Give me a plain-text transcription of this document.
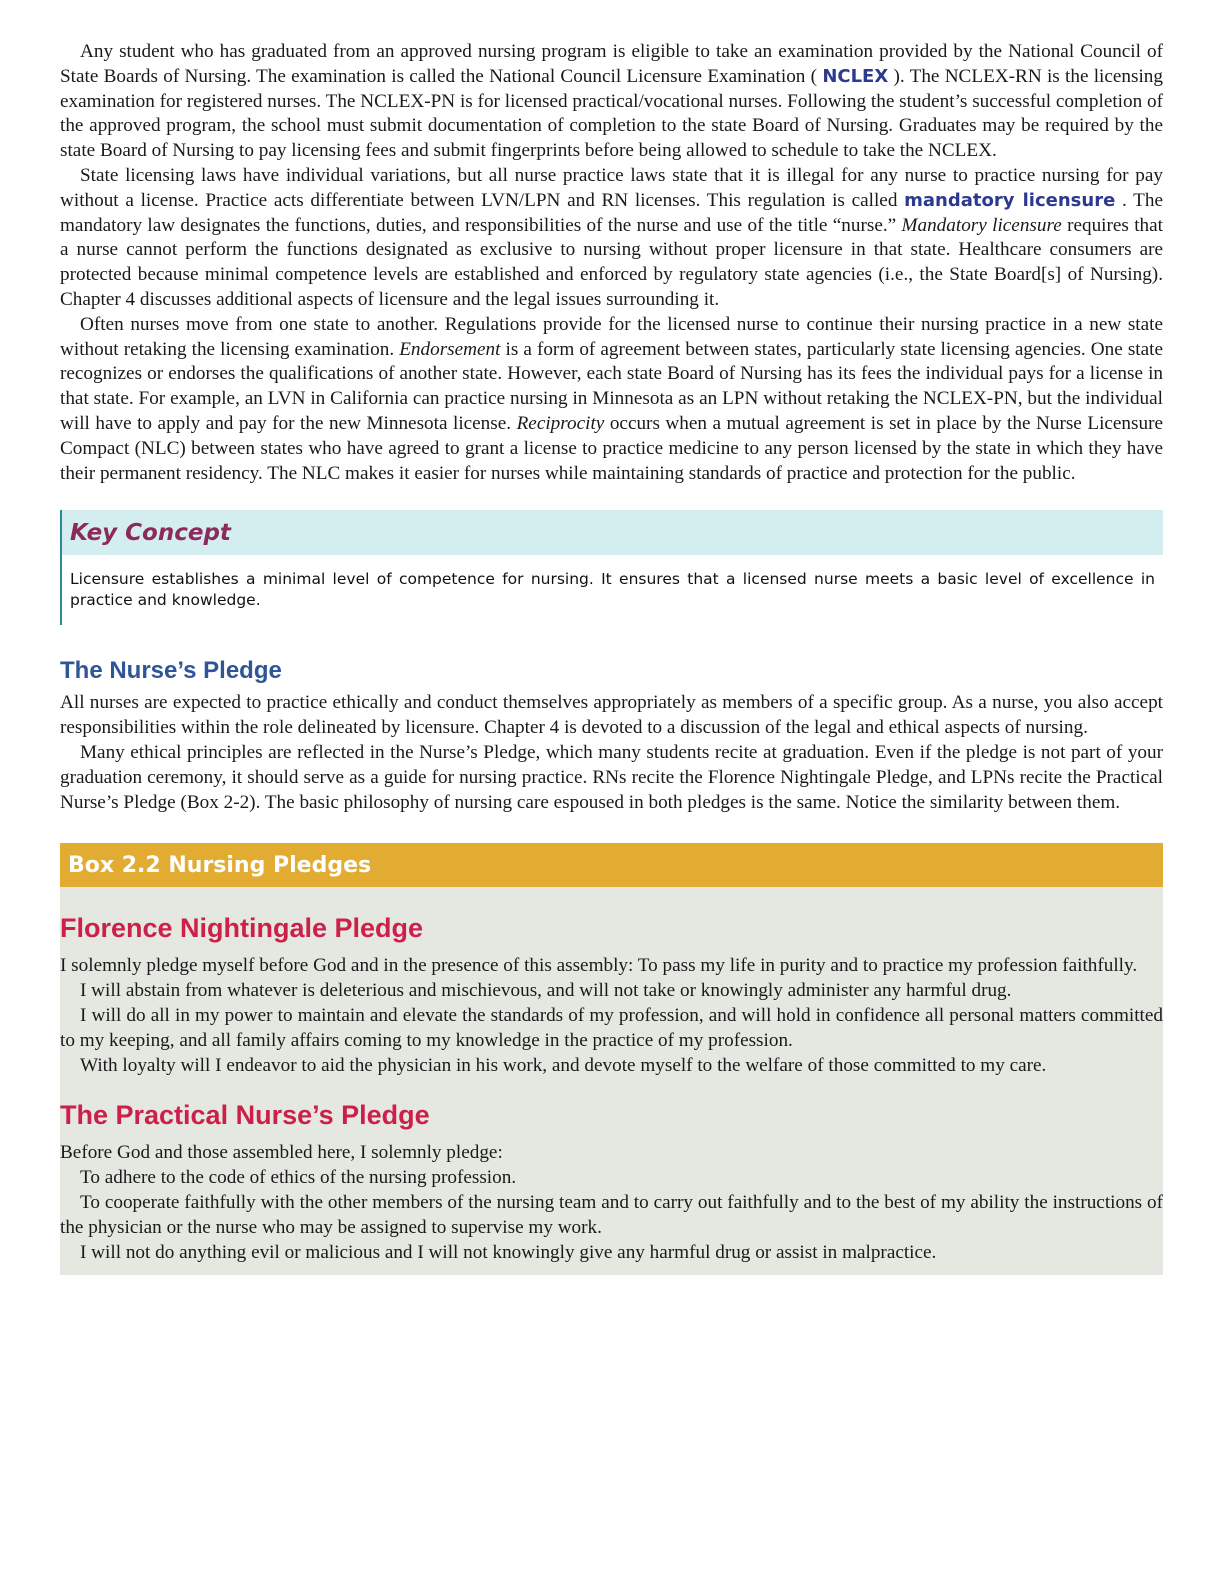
Any student who has graduated from an approved nursing program is eligible to take an examination provided by the National Council of State Boards of Nursing. The examination is called the National Council Licensure Examination ( NCLEX ). The NCLEX-RN is the licensing examination for registered nurses. The NCLEX-PN is for licensed practical/vocational nurses. Following the student’s successful completion of the approved program, the school must submit documentation of completion to the state Board of Nursing. Graduates may be required by the state Board of Nursing to pay licensing fees and submit fingerprints before being allowed to schedule to take the NCLEX.

State licensing laws have individual variations, but all nurse practice laws state that it is illegal for any nurse to practice nursing for pay without a license. Practice acts differentiate between LVN/LPN and RN licenses. This regulation is called mandatory licensure . The mandatory law designates the functions, duties, and responsibilities of the nurse and use of the title “nurse.” Mandatory licensure requires that a nurse cannot perform the functions designated as exclusive to nursing without proper licensure in that state. Healthcare consumers are protected because minimal competence levels are established and enforced by regulatory state agencies (i.e., the State Board[s] of Nursing). Chapter 4 discusses additional aspects of licensure and the legal issues surrounding it.

Often nurses move from one state to another. Regulations provide for the licensed nurse to continue their nursing practice in a new state without retaking the licensing examination. Endorsement is a form of agreement between states, particularly state licensing agencies. One state recognizes or endorses the qualifications of another state. However, each state Board of Nursing has its fees the individual pays for a license in that state. For example, an LVN in California can practice nursing in Minnesota as an LPN without retaking the NCLEX-PN, but the individual will have to apply and pay for the new Minnesota license. Reciprocity occurs when a mutual agreement is set in place by the Nurse Licensure Compact (NLC) between states who have agreed to grant a license to practice medicine to any person licensed by the state in which they have their permanent residency. The NLC makes it easier for nurses while maintaining standards of practice and protection for the public.

Key Concept
Licensure establishes a minimal level of competence for nursing. It ensures that a licensed nurse meets a basic level of excellence in practice and knowledge.
The Nurse’s Pledge

All nurses are expected to practice ethically and conduct themselves appropriately as members of a specific group. As a nurse, you also accept responsibilities within the role delineated by licensure. Chapter 4 is devoted to a discussion of the legal and ethical aspects of nursing.

Many ethical principles are reflected in the Nurse’s Pledge, which many students recite at graduation. Even if the pledge is not part of your graduation ceremony, it should serve as a guide for nursing practice. RNs recite the Florence Nightingale Pledge, and LPNs recite the Practical Nurse’s Pledge (Box 2-2). The basic philosophy of nursing care espoused in both pledges is the same. Notice the similarity between them.

Box 2.2 Nursing Pledges
Florence Nightingale Pledge

I solemnly pledge myself before God and in the presence of this assembly: To pass my life in purity and to practice my profession faithfully.

I will abstain from whatever is deleterious and mischievous, and will not take or knowingly administer any harmful drug.

I will do all in my power to maintain and elevate the standards of my profession, and will hold in confidence all personal matters committed to my keeping, and all family affairs coming to my knowledge in the practice of my profession.

With loyalty will I endeavor to aid the physician in his work, and devote myself to the welfare of those committed to my care.

The Practical Nurse’s Pledge

Before God and those assembled here, I solemnly pledge:

To adhere to the code of ethics of the nursing profession.

To cooperate faithfully with the other members of the nursing team and to carry out faithfully and to the best of my ability the instructions of the physician or the nurse who may be assigned to supervise my work.

I will not do anything evil or malicious and I will not knowingly give any harmful drug or assist in malpractice.
